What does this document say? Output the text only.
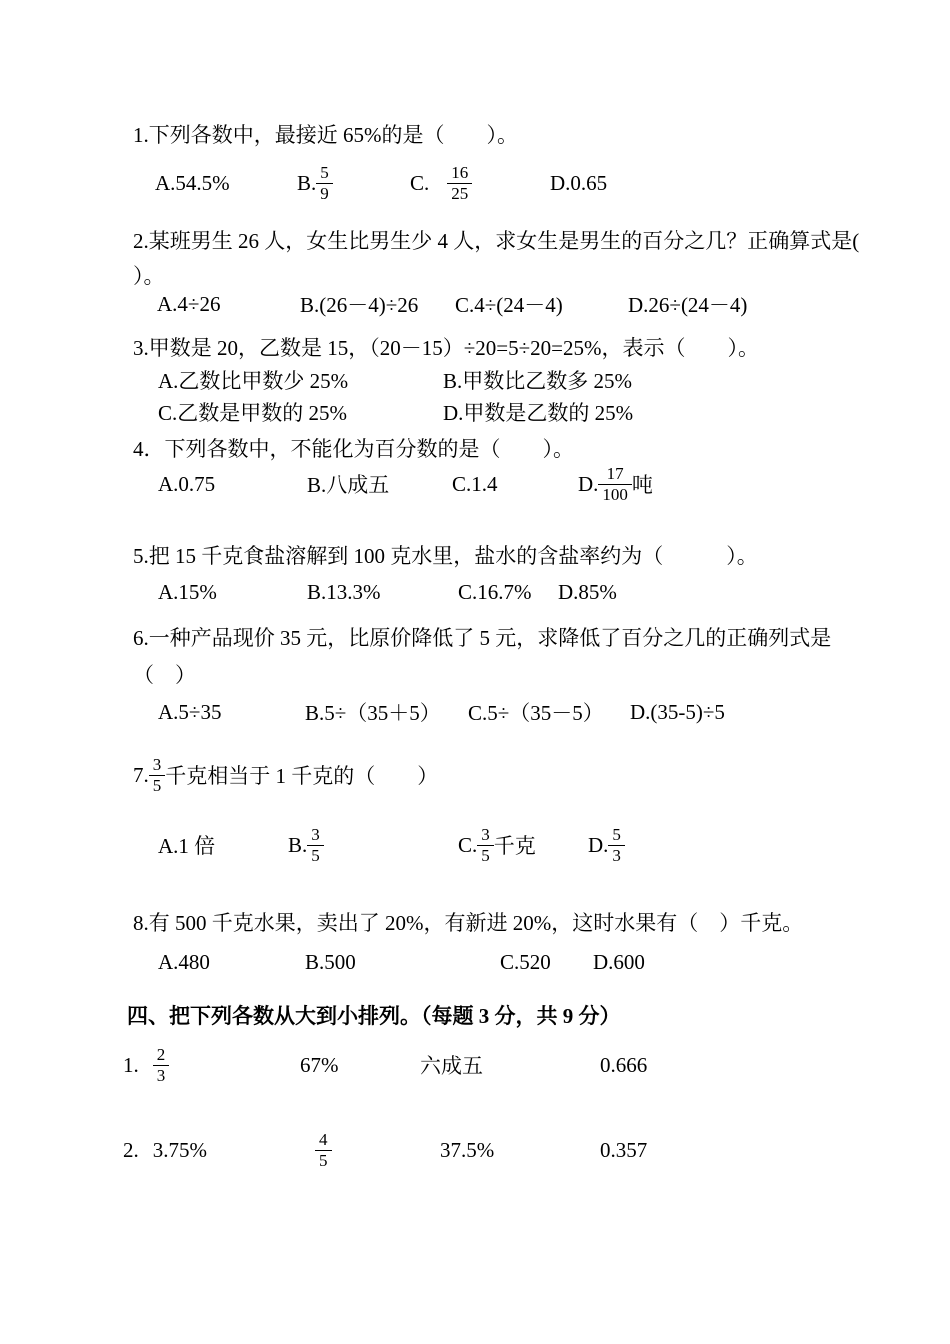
1.下列各数中，最接近 65%的是（　　）。
A.54.5%	B. $\frac{5}{9}$	C. $\frac{16}{25}$	D.0.65
2.某班男生 26 人，女生比男生少 4 人，求女生是男生的百分之几？正确算式是(
）。
A.4÷26	B.(26－4)÷26 C.4÷(24－4)	D.26÷(24－4)
3.甲数是 20，乙数是 15，（20－15）÷20=5÷20=25%，表示（　　）。
A.乙数比甲数少 25%	B.甲数比乙数多 25%
C.乙数是甲数的 25%	D.甲数是乙数的 25%
4．下列各数中，不能化为百分数的是（　　）。
A.0.75	B.八成五	C.1.4	D. $\frac{17}{100}$ 吨
5.把 15 千克食盐溶解到 100 克水里，盐水的含盐率约为（　　　）。
A.15%	B.13.3%	C.16.7% D.85%
6.一种产品现价 35 元，比原价降低了 5 元，求降低了百分之几的正确列式是
（　）
A.5÷35	B.5÷（35＋5） C.5÷（35－5） D.(35-5)÷5
7. $\frac{3}{5}$ 千克相当于 1 千克的（　　）
A.1 倍	B. $\frac{3}{5}$	C. $\frac{3}{5}$ 千克 D. $\frac{5}{3}$
8.有 500 千克水果，卖出了 20%，有新进 20%，这时水果有（　）千克。
A.480	B.500	C.520 D.600
四、把下列各数从大到小排列。（每题 3 分，共 9 分）
1. $\frac{2}{3}$	67%	六成五	0.666
2. 3.75%	$\frac{4}{5}$	37.5%	0.357
